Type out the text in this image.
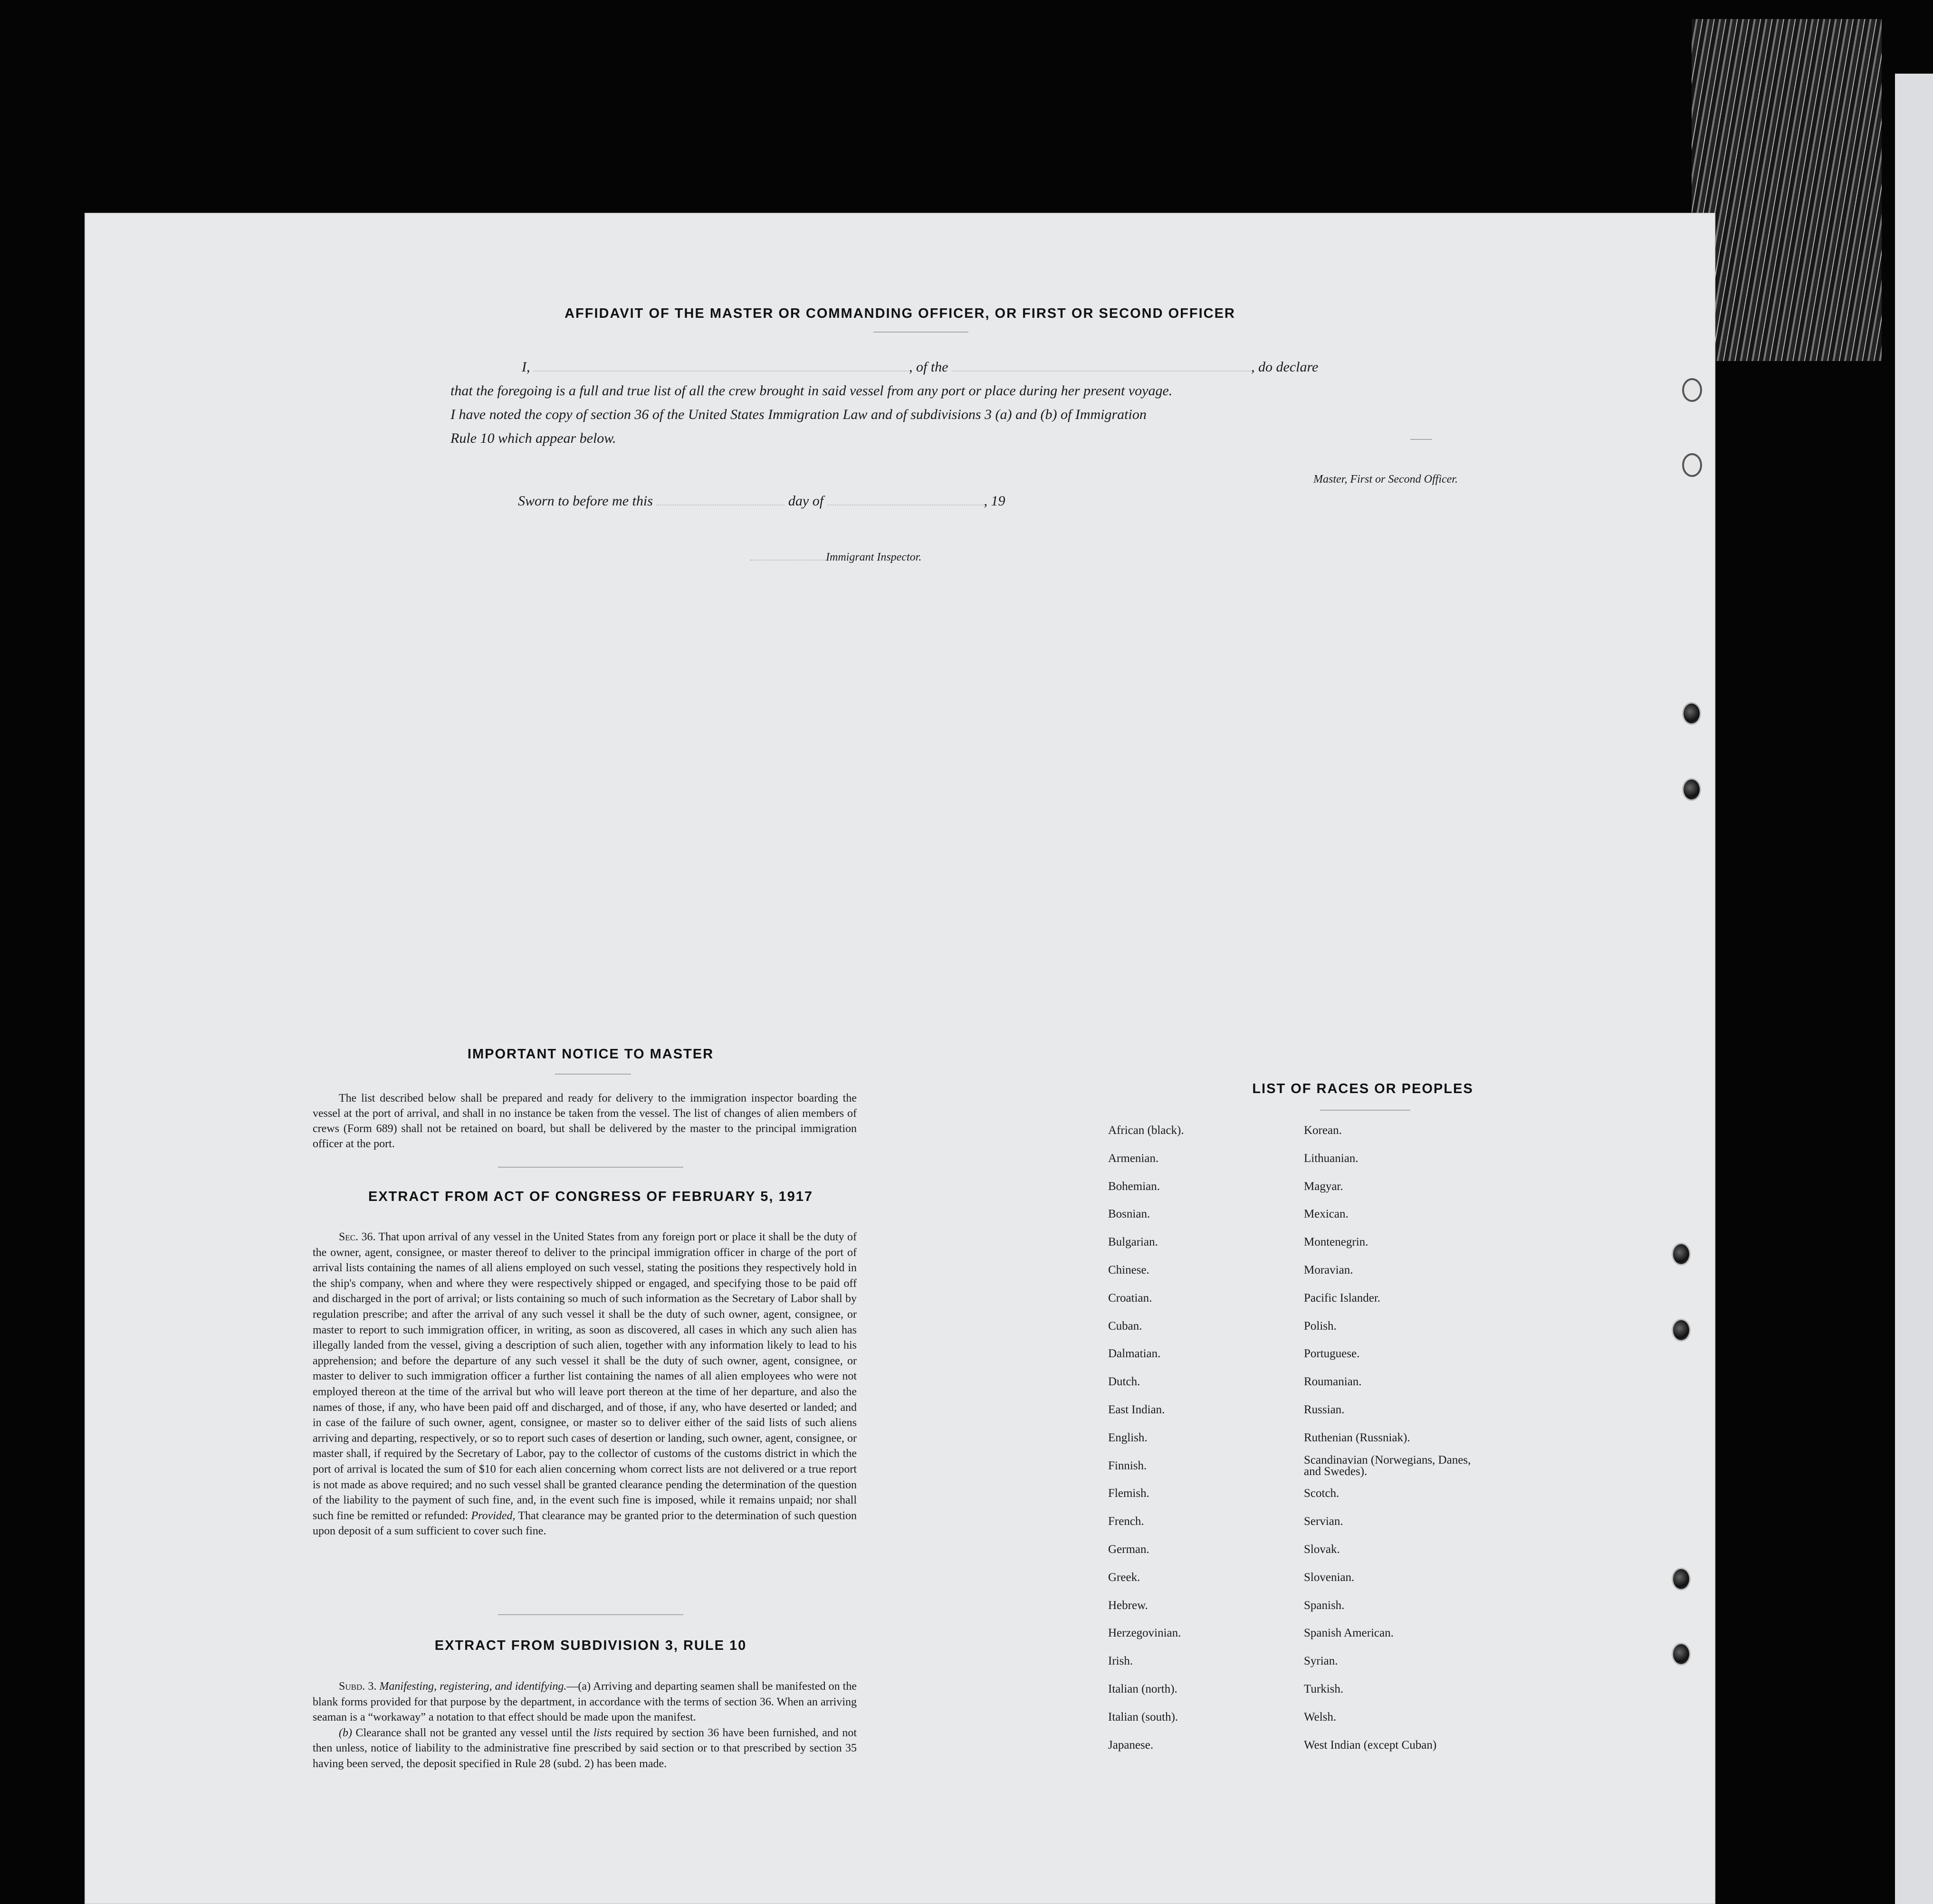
AFFIDAVIT OF THE MASTER OR COMMANDING OFFICER, OR FIRST OR SECOND OFFICER
I,	, of the	, do declare
that the foregoing is a full and true list of all the crew brought in said vessel from any port or place during her present voyage.
I have noted the copy of section 36 of the United States Immigration Law and of subdivisions 3 (a) and (b) of Immigration
Rule 10 which appear below.
Master, First or Second Officer.
Sworn to before me this	day of	, 19
Immigrant Inspector.
IMPORTANT NOTICE TO MASTER

The list described below shall be prepared and ready for delivery to the immigration inspector boarding the vessel at the port of arrival, and shall in no instance be taken from the vessel. The list of changes of alien members of crews (Form 689) shall not be retained on board, but shall be delivered by the master to the principal immigration officer at the port.

EXTRACT FROM ACT OF CONGRESS OF FEBRUARY 5, 1917

Sec. 36. That upon arrival of any vessel in the United States from any foreign port or place it shall be the duty of the owner, agent, consignee, or master thereof to deliver to the principal immigration officer in charge of the port of arrival lists containing the names of all aliens employed on such vessel, stating the positions they respectively hold in the ship's company, when and where they were respectively shipped or engaged, and specifying those to be paid off and discharged in the port of arrival; or lists containing so much of such information as the Secretary of Labor shall by regulation prescribe; and after the arrival of any such vessel it shall be the duty of such owner, agent, consignee, or master to report to such immigration officer, in writing, as soon as discovered, all cases in which any such alien has illegally landed from the vessel, giving a description of such alien, together with any information likely to lead to his apprehension; and before the departure of any such vessel it shall be the duty of such owner, agent, consignee, or master to deliver to such immigration officer a further list containing the names of all alien employees who were not employed thereon at the time of the arrival but who will leave port thereon at the time of her departure, and also the names of those, if any, who have been paid off and discharged, and of those, if any, who have deserted or landed; and in case of the failure of such owner, agent, consignee, or master so to deliver either of the said lists of such aliens arriving and departing, respectively, or so to report such cases of desertion or landing, such owner, agent, consignee, or master shall, if required by the Secretary of Labor, pay to the collector of customs of the customs district in which the port of arrival is located the sum of $10 for each alien concerning whom correct lists are not delivered or a true report is not made as above required; and no such vessel shall be granted clearance pending the determination of the question of the liability to the payment of such fine, and, in the event such fine is imposed, while it remains unpaid; nor shall such fine be remitted or refunded: Provided, That clearance may be granted prior to the determination of such question upon deposit of a sum sufficient to cover such fine.

EXTRACT FROM SUBDIVISION 3, RULE 10

Subd. 3. Manifesting, registering, and identifying.—(a) Arriving and departing seamen shall be manifested on the blank forms provided for that purpose by the department, in accordance with the terms of section 36. When an arriving seaman is a “workaway” a notation to that effect should be made upon the manifest.

(b) Clearance shall not be granted any vessel until the lists required by section 36 have been furnished, and not then unless, notice of liability to the administrative fine prescribed by said section or to that prescribed by section 35 having been served, the deposit specified in Rule 28 (subd. 2) has been made.

LIST OF RACES OR PEOPLES
African (black).
Armenian.
Bohemian.
Bosnian.
Bulgarian.
Chinese.
Croatian.
Cuban.
Dalmatian.
Dutch.
East Indian.
English.
Finnish.
Flemish.
French.
German.
Greek.
Hebrew.
Herzegovinian.
Irish.
Italian (north).
Italian (south).
Japanese.
Korean.
Lithuanian.
Magyar.
Mexican.
Montenegrin.
Moravian.
Pacific Islander.
Polish.
Portuguese.
Roumanian.
Russian.
Ruthenian (Russniak).
Scandinavian (Norwegians, Danes, and Swedes).
Scotch.
Servian.
Slovak.
Slovenian.
Spanish.
Spanish American.
Syrian.
Turkish.
Welsh.
West Indian (except Cuban)
